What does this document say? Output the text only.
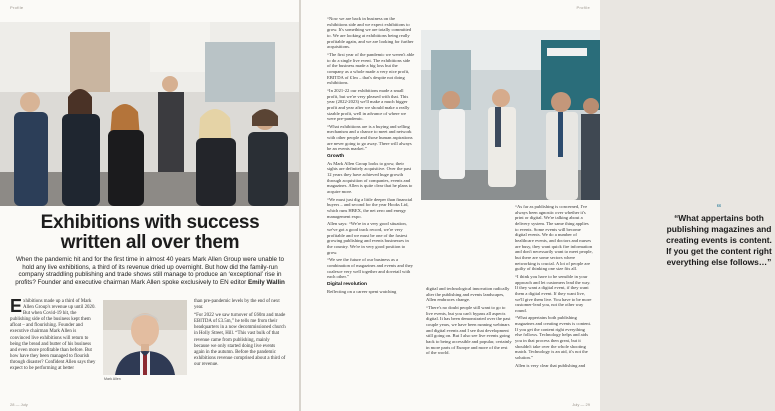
Profile
Exhibitions with success written all over them

When the pandemic hit and for the first time in almost 40 years Mark Allen Group were unable to hold any live exhibitions, a third of its revenue dried up overnight. But how did the family-run company straddling publishing and trade shows still manage to produce an ‘exceptional’ rise in profits? Founder and executive chairman Mark Allen spoke exclusively to EN editor Emily Wallin

E xhibitions made up a third of Mark Allen Group's revenue up until 2020. But when Covid-19 hit, the publishing side of the business kept them afloat – and flourishing. Founder and executive chairman Mark Allen is convinced live exhibitions will return to being the bread and butter of his business and even more profitable than before. But how have they been managed to flourish through disaster? Confident Allen says they expect to be performing at better

Mark Allen

than pre-pandemic levels by the end of next year.

“For 2022 we saw turnover of £60m and made EBITDA of £3.5m,” he tells me from their headquarters in a now decommissioned church in Holly Street, Hill. “This vast bulk of that revenue came from publishing, mainly because we only started doing live events again in the autumn. Before the pandemic exhibitions revenue comprised about a third of our revenue.

28 — July
Profile

“Now we are back in business on the exhibitions side and we expect exhibitions to grow. It's something we are totally committed to. We are looking at exhibitions being really profitable again, and we are looking for further acquisitions.

“The first year of the pandemic we weren't able to do a single live event. The exhibitions side of the business made a big loss but the company as a whole made a very nice profit, EBITDA of £1m – that's despite not doing exhibitions.

“In 2021-22 our exhibitions made a small profit, but we're very pleased with that. This year (2022-2023) we'll make a much bigger profit and year after we should make a really sizable profit, well in advance of where we were pre-pandemic.

“What exhibitions are is a buying and selling mechanism and a chance to meet and network with other people and those human aspirations are never going to go away. There will always be an events market.”

Growth

As Mark Allen Group looks to grow, their sights are definitely acquisitive. Over the past 12 years they have achieved huge growth through acquisition of companies, events and magazines. Allen is quite clear that he plans to acquire more.

“We must just dig a little deeper than financial buyers – and second for the year Hooks Ltd, which runs HBEX, the net zero and energy management expo.

Allen says: “We're in a very good situation, we've got a good track record, we're very profitable and we must be one of the fastest growing publishing and events businesses in the country. We're in very good position to grow.

“We see the future of our business as a combination of magazines and events and they coalesce very well together and dovetail with each other.”

Digital revolution

Reflecting on a career spent watching

“
“What appertains both publishing magazines and creating events is content. If you get the content right everything else follows…”

digital and technological innovation radically alter the publishing and events landscapes, Allen embraces change.

“There's no doubt people still want to go to live events, but you can't bypass all aspects digital. It has been demonstrated over the past couple years, we have been running webinars and digital events and I see that development still going on. But I also see live events going back to being accessible and popular, certainly in more parts of Europe and more of the rest of the world.

“As far as publishing is concerned, I've always been agnostic over whether it's print or digital. We're talking about a delivery system. The same thing applies to events. Some events will become digital events. We do a number of healthcare events, and doctors and nurses are busy, they want quick fire information and don't necessarily want to meet people, but there are some sectors where networking is crucial. A lot of people are guilty of thinking one size fits all.

“I think you have to be sensible in your approach and let customers lead the way. If they want a digital event, if they want them a digital event. If they want live, we'll give them live. You have to be more customer-lead you, not the other way round.

“What appertains both publishing magazines and creating events is content. If you get the content right everything else follows. Technology helps and aids you in that process then great, but it shouldn't take over the whole shooting match. Technology is an aid, it's not the solution.”

Allen is very clear that publishing and

July — 29
